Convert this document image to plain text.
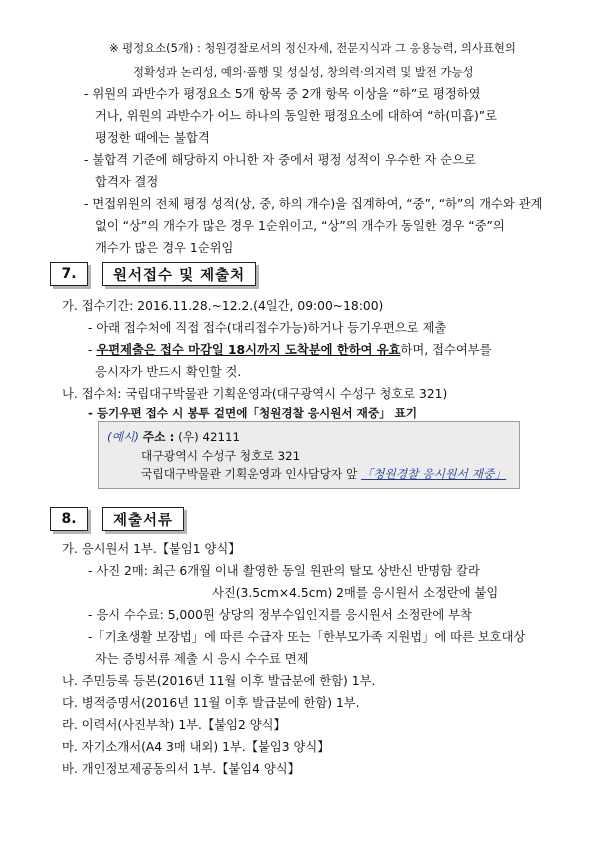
※ 평정요소(5개) : 청원경찰로서의 정신자세, 전문지식과 그 응용능력, 의사표현의
정확성과 논리성, 예의·품행 및 성실성, 창의력·의지력 및 발전 가능성
- 위원의 과반수가 평정요소 5개 항목 중 2개 항목 이상을 “하”로 평정하였
거나, 위원의 과반수가 어느 하나의 동일한 평정요소에 대하여 “하(미흡)”로
평정한 때에는 불합격
- 불합격 기준에 해당하지 아니한 자 중에서 평정 성적이 우수한 자 순으로
합격자 결정
- 면접위원의 전체 평정 성적(상, 중, 하의 개수)을 집계하여, “중”, “하”의 개수와 관계
없이 “상”의 개수가 많은 경우 1순위이고, “상”의 개수가 동일한 경우 “중”의
개수가 많은 경우 1순위임
7.	원서접수 및 제출처
가. 접수기간: 2016.11.28.~12.2.(4일간, 09:00~18:00)
- 아래 접수처에 직접 접수(대리접수가능)하거나 등기우편으로 제출
- 우편제출은 접수 마감일 18시까지 도착분에 한하여 유효하며, 접수여부를
응시자가 반드시 확인할 것.
나. 접수처: 국립대구박물관 기획운영과(대구광역시 수성구 청호로 321)
- 등기우편 접수 시 봉투 겉면에「청원경찰 응시원서 재중」 표기
(예시) 주소 : (우) 42111
대구광역시 수성구 청호로 321
국립대구박물관 기획운영과 인사담당자 앞 「청원경찰 응시원서 재중」
8.	제출서류
가. 응시원서 1부.【붙임1 양식】
- 사진 2매: 최근 6개월 이내 촬영한 동일 원판의 탈모 상반신 반명함 칼라
사진(3.5cm×4.5cm) 2매를 응시원서 소정란에 붙임
- 응시 수수료: 5,000원 상당의 정부수입인지를 응시원서 소정란에 부착
-「기초생활 보장법」에 따른 수급자 또는「한부모가족 지원법」에 따른 보호대상
자는 증빙서류 제출 시 응시 수수료 면제
나. 주민등록 등본(2016년 11월 이후 발급분에 한함) 1부.
다. 병적증명서(2016년 11월 이후 발급분에 한함) 1부.
라. 이력서(사진부착) 1부.【붙임2 양식】
마. 자기소개서(A4 3매 내외) 1부.【붙임3 양식】
바. 개인정보제공동의서 1부.【붙임4 양식】
